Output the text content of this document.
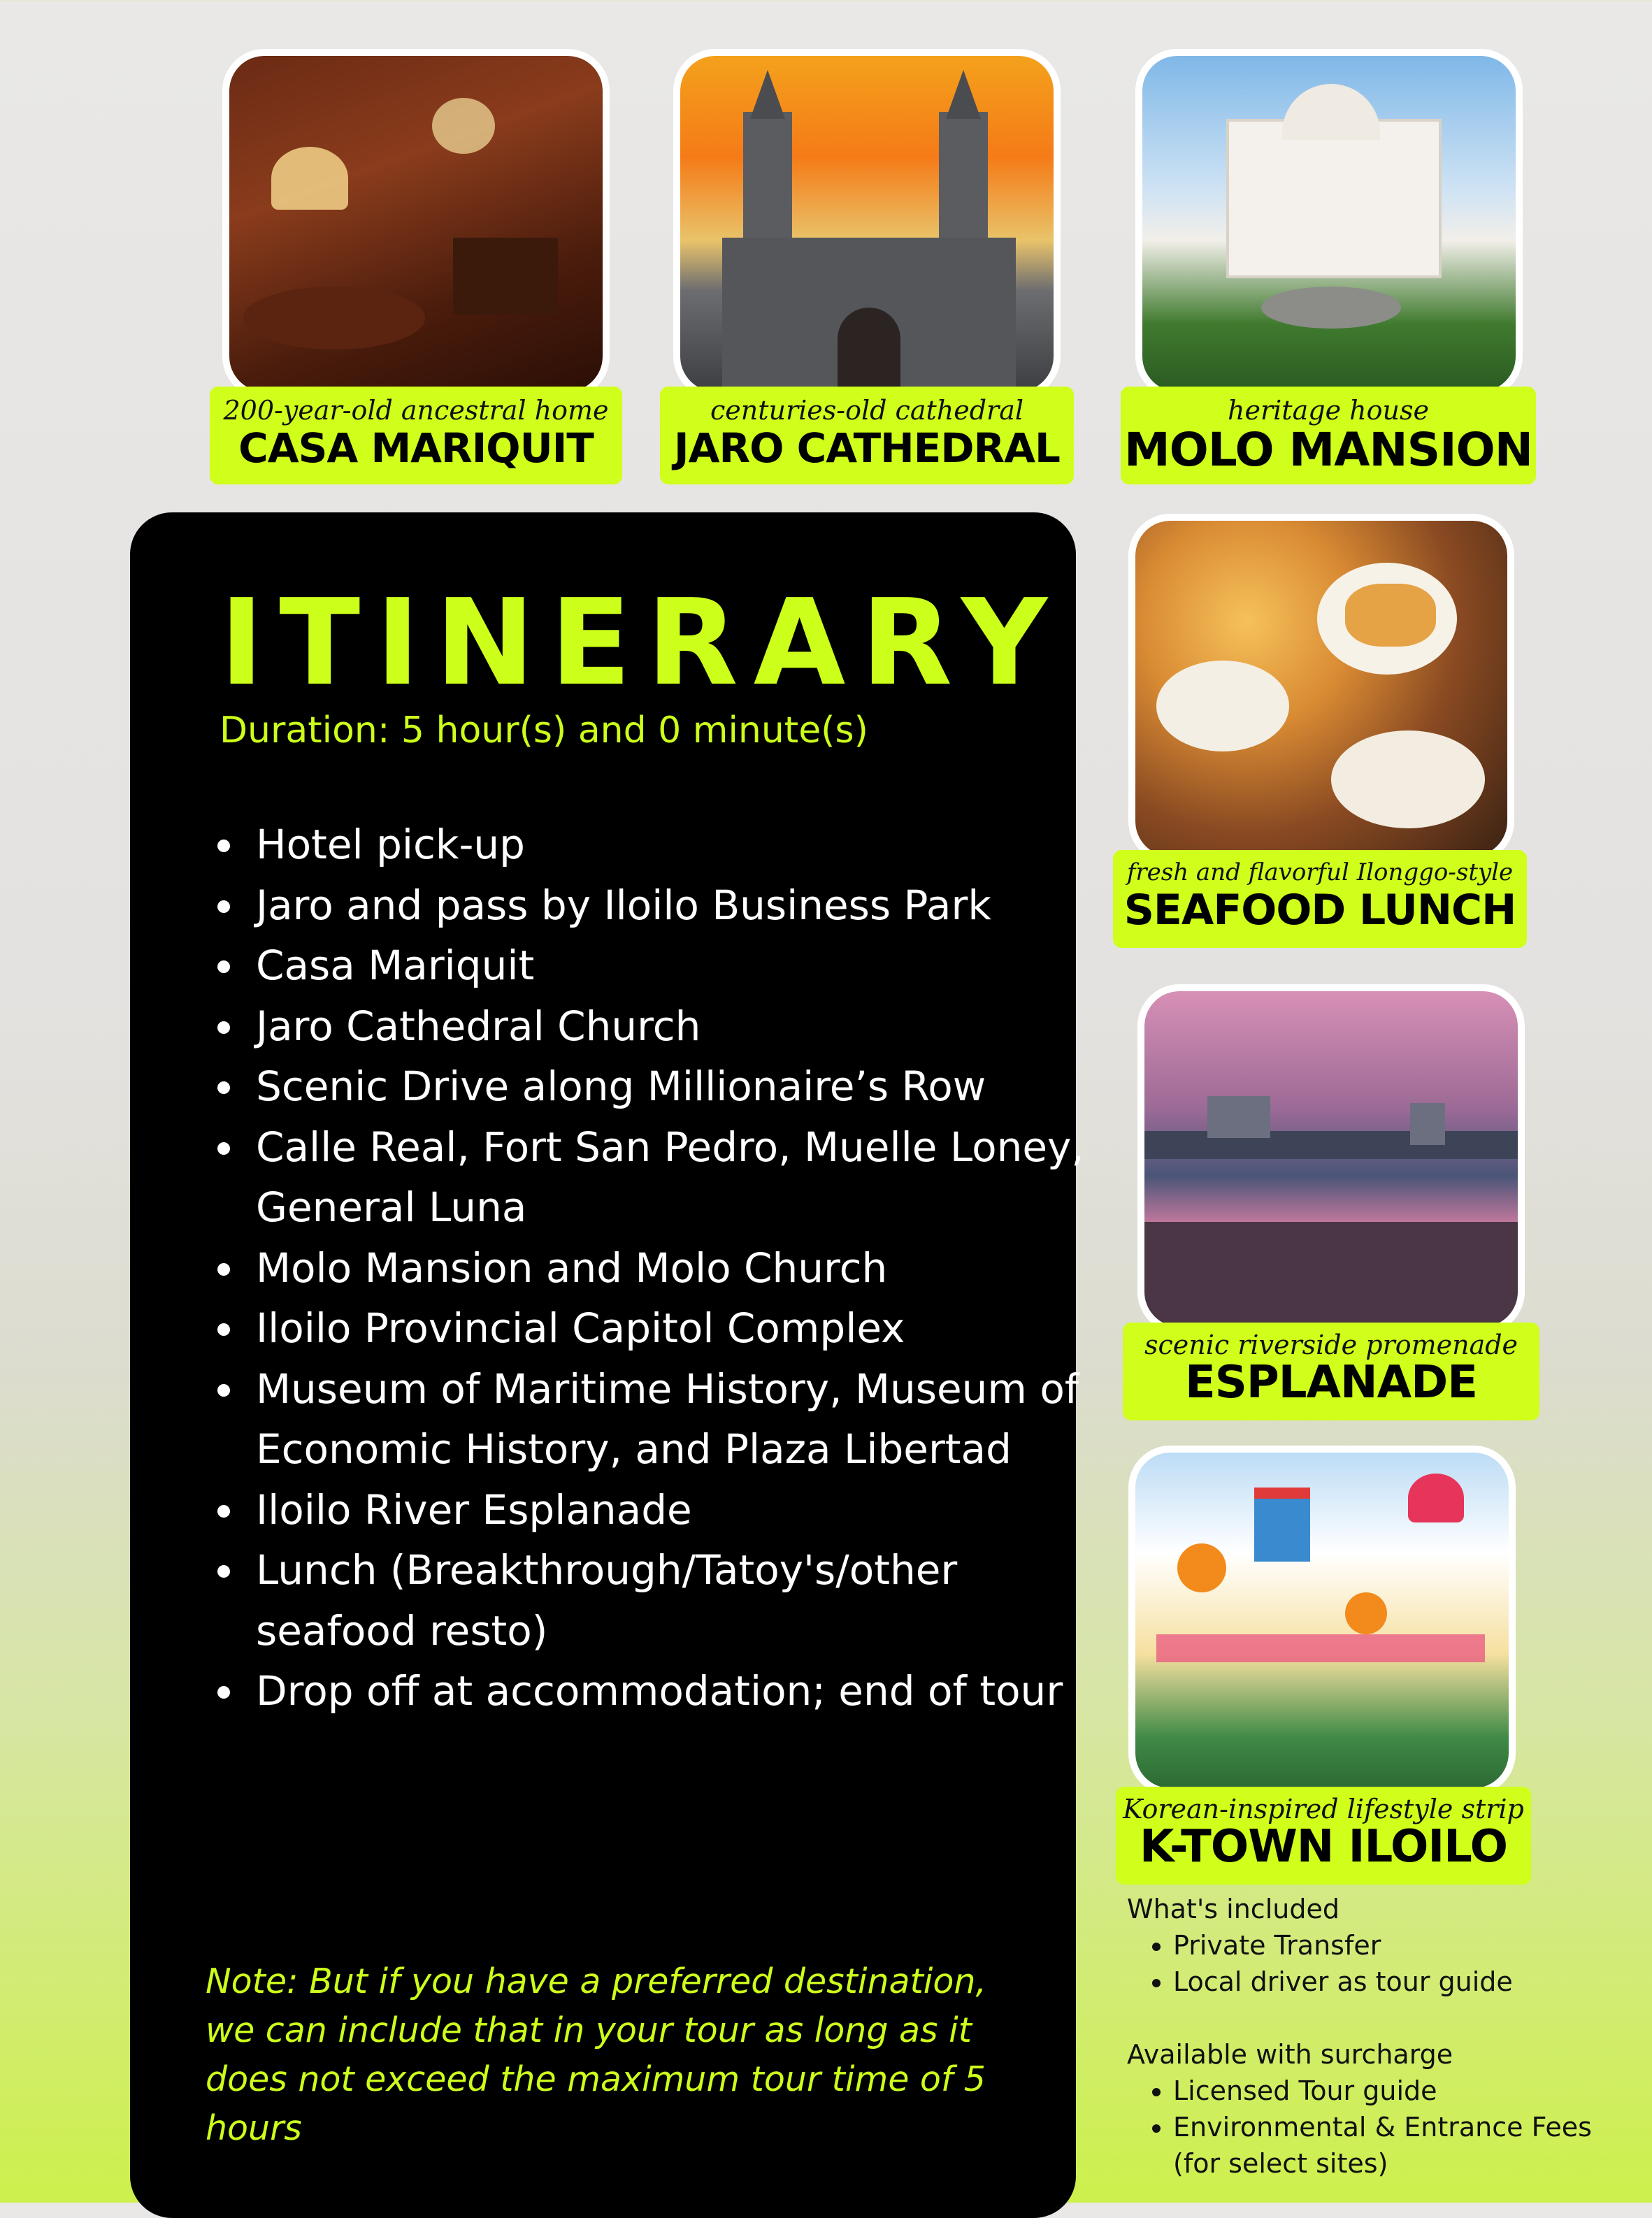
200-year-old ancestral home
CASA MARIQUIT
centuries-old cathedral
JARO CATHEDRAL
heritage house
MOLO MANSION
fresh and flavorful Ilonggo-style
SEAFOOD LUNCH
scenic riverside promenade
ESPLANADE
Korean-inspired lifestyle strip
K-TOWN ILOILO
ITINERARY
Duration: 5 hour(s) and 0 minute(s)
• Hotel pick-up
• Jaro and pass by Iloilo Business Park
• Casa Mariquit
• Jaro Cathedral Church
• Scenic Drive along Millionaire’s Row
• Calle Real, Fort San Pedro, Muelle Loney, General Luna
• Molo Mansion and Molo Church
• Iloilo Provincial Capitol Complex
• Museum of Maritime History, Museum of Economic History, and Plaza Libertad
• Iloilo River Esplanade
• Lunch (Breakthrough/Tatoy's/other seafood resto)
• Drop off at accommodation; end of tour
Note: But if you have a preferred destination, we can include that in your tour as long as it does not exceed the maximum tour time of 5 hours
What's included
• Private Transfer
• Local driver as tour guide
Available with surcharge
• Licensed Tour guide
• Environmental & Entrance Fees (for select sites)
